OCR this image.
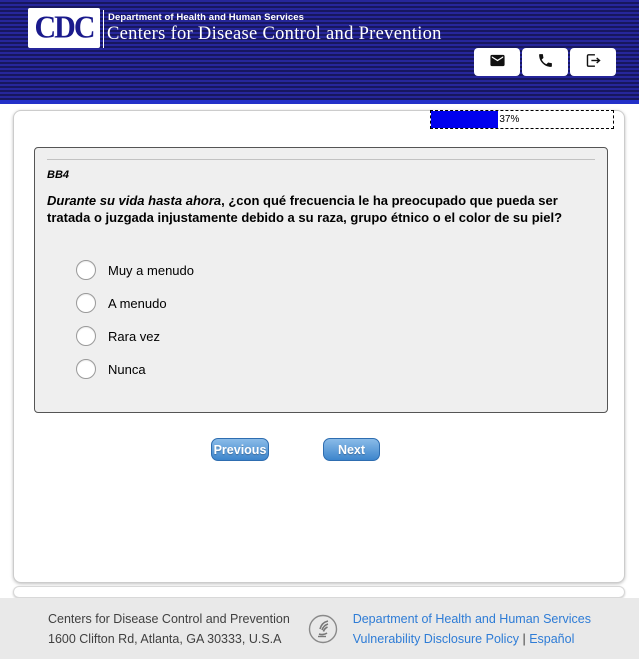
CDC Department of Health and Human Services
Centers for Disease Control and Prevention
37%
BB4
Durante su vida hasta ahora, ¿con qué frecuencia le ha preocupado que pueda ser tratada o juzgada injustamente debido a su raza, grupo étnico o el color de su piel?
Muy a menudo
A menudo
Rara vez
Nunca
Previous	Next
Centers for Disease Control and Prevention
1600 Clifton Rd, Atlanta, GA 30333, U.S.A
Department of Health and Human Services
Vulnerability Disclosure Policy | Español
